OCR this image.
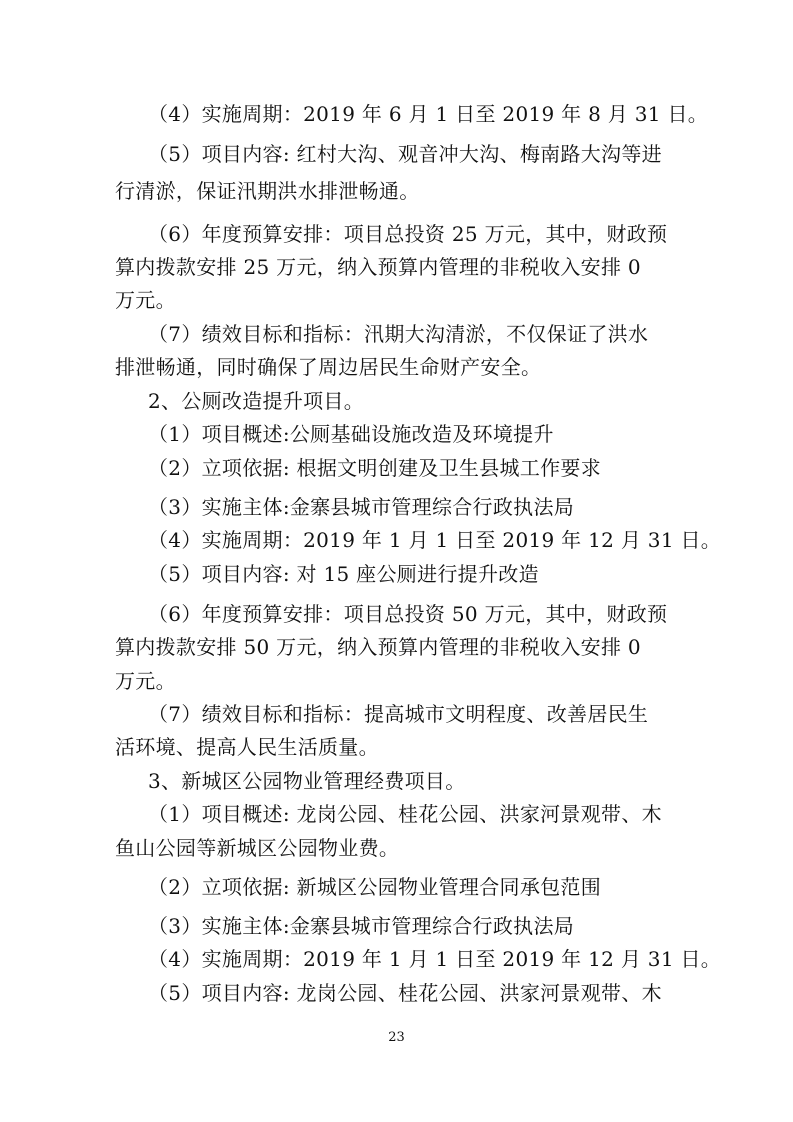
（4）实施周期：2019 年 6 月 1 日至 2019 年 8 月 31 日。
（5）项目内容: 红村大沟、观音冲大沟、梅南路大沟等进
行清淤，保证汛期洪水排泄畅通。
（6）年度预算安排：项目总投资 25 万元，其中，财政预
算内拨款安排 25 万元，纳入预算内管理的非税收入安排 0
万元。
（7）绩效目标和指标：汛期大沟清淤，不仅保证了洪水
排泄畅通，同时确保了周边居民生命财产安全。
2、公厕改造提升项目。
（1）项目概述:公厕基础设施改造及环境提升
（2）立项依据: 根据文明创建及卫生县城工作要求
（3）实施主体:金寨县城市管理综合行政执法局
（4）实施周期：2019 年 1 月 1 日至 2019 年 12 月 31 日。
（5）项目内容: 对 15 座公厕进行提升改造
（6）年度预算安排：项目总投资 50 万元，其中，财政预
算内拨款安排 50 万元，纳入预算内管理的非税收入安排 0
万元。
（7）绩效目标和指标：提高城市文明程度、改善居民生
活环境、提高人民生活质量。
3、新城区公园物业管理经费项目。
（1）项目概述: 龙岗公园、桂花公园、洪家河景观带、木
鱼山公园等新城区公园物业费。
（2）立项依据: 新城区公园物业管理合同承包范围
（3）实施主体:金寨县城市管理综合行政执法局
（4）实施周期：2019 年 1 月 1 日至 2019 年 12 月 31 日。
（5）项目内容: 龙岗公园、桂花公园、洪家河景观带、木
23
